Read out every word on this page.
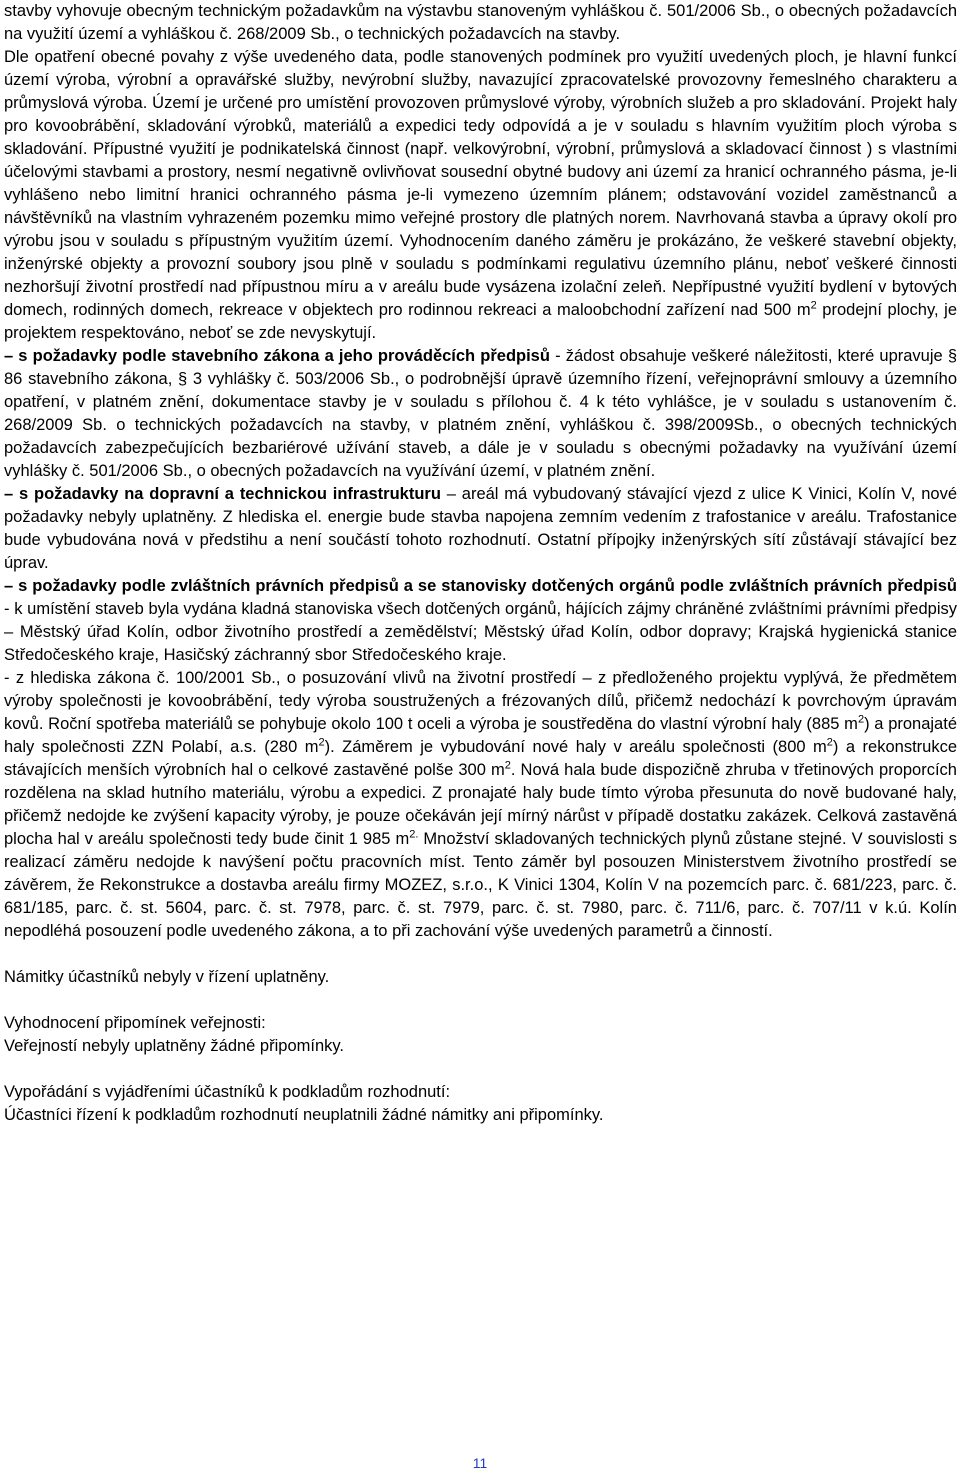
stavby vyhovuje obecným technickým požadavkům na výstavbu stanoveným vyhláškou č. 501/2006 Sb., o obecných požadavcích na využití území a vyhláškou č. 268/2009 Sb., o technických požadavcích na stavby.

Dle opatření obecné povahy z výše uvedeného data, podle stanovených podmínek pro využití uvedených ploch, je hlavní funkcí území výroba, výrobní a opravářské služby, nevýrobní služby, navazující zpracovatelské provozovny řemeslného charakteru a průmyslová výroba. Území je určené pro umístění provozoven průmyslové výroby, výrobních služeb a pro skladování. Projekt haly pro kovoobrábění, skladování výrobků, materiálů a expedici tedy odpovídá a je v souladu s hlavním využitím ploch výroba s skladování. Přípustné využití je podnikatelská činnost (např. velkovýrobní, výrobní, průmyslová a skladovací činnost ) s vlastními účelovými stavbami a prostory, nesmí negativně ovlivňovat sousední obytné budovy ani území za hranicí ochranného pásma, je-li vyhlášeno nebo limitní hranici ochranného pásma je-li vymezeno územním plánem; odstavování vozidel zaměstnanců a návštěvníků na vlastním vyhrazeném pozemku mimo veřejné prostory dle platných norem. Navrhovaná stavba a úpravy okolí pro výrobu jsou v souladu s přípustným využitím území. Vyhodnocením daného záměru je prokázáno, že veškeré stavební objekty, inženýrské objekty a provozní soubory jsou plně v souladu s podmínkami regulativu územního plánu, neboť veškeré činnosti nezhoršují životní prostředí nad přípustnou míru a v areálu bude vysázena izolační zeleň. Nepřípustné využití bydlení v bytových domech, rodinných domech, rekreace v objektech pro rodinnou rekreaci a maloobchodní zařízení nad 500 $m^2$ prodejní plochy, je projektem respektováno, neboť se zde nevyskytují.

– s požadavky podle stavebního zákona a jeho prováděcích předpisů - žádost obsahuje veškeré náležitosti, které upravuje § 86 stavebního zákona, § 3 vyhlášky č. 503/2006 Sb., o podrobnější úpravě územního řízení, veřejnoprávní smlouvy a územního opatření, v platném znění, dokumentace stavby je v souladu s přílohou č. 4 k této vyhlášce, je v souladu s ustanovením č. 268/2009 Sb. o technických požadavcích na stavby, v platném znění, vyhláškou č. 398/2009Sb., o obecných technických požadavcích zabezpečujících bezbariérové užívání staveb, a dále je v souladu s obecnými požadavky na využívání území vyhlášky č. 501/2006 Sb., o obecných požadavcích na využívání území, v platném znění.

– s požadavky na dopravní a technickou infrastrukturu – areál má vybudovaný stávající vjezd z ulice K Vinici, Kolín V, nové požadavky nebyly uplatněny. Z hlediska el. energie bude stavba napojena zemním vedením z trafostanice v areálu. Trafostanice bude vybudována nová v předstihu a není součástí tohoto rozhodnutí. Ostatní přípojky inženýrských sítí zůstávají stávající bez úprav.

– s požadavky podle zvláštních právních předpisů a se stanovisky dotčených orgánů podle zvláštních právních předpisů - k umístění staveb byla vydána kladná stanoviska všech dotčených orgánů, hájících zájmy chráněné zvláštními právními předpisy – Městský úřad Kolín, odbor životního prostředí a zemědělství; Městský úřad Kolín, odbor dopravy; Krajská hygienická stanice Středočeského kraje, Hasičský záchranný sbor Středočeského kraje.

- z hlediska zákona č. 100/2001 Sb., o posuzování vlivů na životní prostředí – z předloženého projektu vyplývá, že předmětem výroby společnosti je kovoobrábění, tedy výroba soustružených a frézovaných dílů, přičemž nedochází k povrchovým úpravám kovů. Roční spotřeba materiálů se pohybuje okolo 100 t oceli a výroba je soustředěna do vlastní výrobní haly (885 $m^2$) a pronajaté haly společnosti ZZN Polabí, a.s. (280 $m^2$). Záměrem je vybudování nové haly v areálu společnosti (800 $m^2$) a rekonstrukce stávajících menších výrobních hal o celkové zastavěné polše 300 $m^2$. Nová hala bude dispozičně zhruba v třetinových proporcích rozdělena na sklad hutního materiálu, výrobu a expedici. Z pronajaté haly bude tímto výroba přesunuta do nově budované haly, přičemž nedojde ke zvýšení kapacity výroby, je pouze očekáván její mírný nárůst v případě dostatku zakázek. Celková zastavěná plocha hal v areálu společnosti tedy bude činit 1 985 $m^{2.}$ Množství skladovaných technických plynů zůstane stejné. V souvislosti s realizací záměru nedojde k navýšení počtu pracovních míst. Tento záměr byl posouzen Ministerstvem životního prostředí se závěrem, že Rekonstrukce a dostavba areálu firmy MOZEZ, s.r.o., K Vinici 1304, Kolín V na pozemcích parc. č. 681/223, parc. č. 681/185, parc. č. st. 5604, parc. č. st. 7978, parc. č. st. 7979, parc. č. st. 7980, parc. č. 711/6, parc. č. 707/11 v k.ú. Kolín nepodléhá posouzení podle uvedeného zákona, a to při zachování výše uvedených parametrů a činností.

Námitky účastníků nebyly v řízení uplatněny.

Vyhodnocení připomínek veřejnosti:

Veřejností nebyly uplatněny žádné připomínky.

Vypořádání s vyjádřeními účastníků k podkladům rozhodnutí:

Účastníci řízení k podkladům rozhodnutí neuplatnili žádné námitky ani připomínky.

11
